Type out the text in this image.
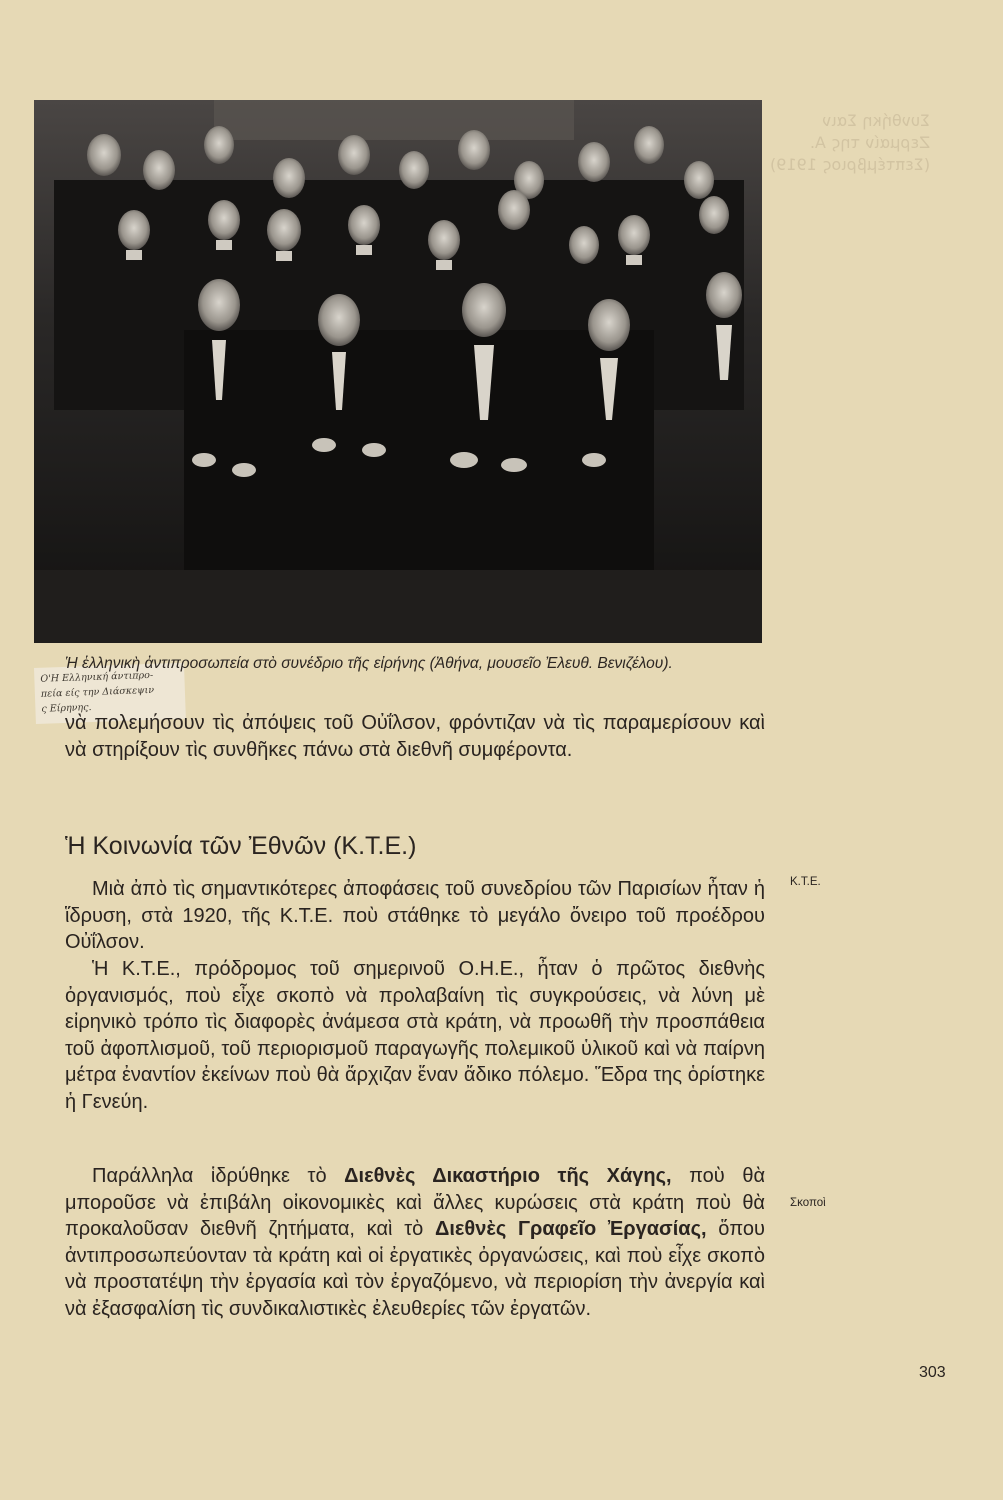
Συνθήκη Σαιν
Ζερμαίν της Α.
(Σεπτέμβριος 1919)
Ο'Η Ελληνική άντιπρο-
πεία είς την Διάσκεψιν
ς Είρηνης.
Ἡ ἑλληνικὴ ἀντιπροσωπεία στὸ συνέδριο τῆς εἰρήνης (Ἀθήνα, μουσεῖο Ἐλευθ. Βενιζέλου).
νὰ πολεμήσουν τὶς ἀπόψεις τοῦ Οὐΐλσον, φρόντιζαν νὰ τὶς παραμερίσουν καὶ νὰ στηρίξουν τὶς συνθῆκες πάνω στὰ διεθνῆ συμφέροντα.
Ἡ Κοινωνία τῶν Ἐθνῶν (Κ.Τ.Ε.)
Μιὰ ἀπὸ τὶς σημαντικότερες ἀποφάσεις τοῦ συνεδρίου τῶν Παρισίων ἦταν ἡ ἵδρυση, στὰ 1920, τῆς Κ.Τ.Ε. ποὺ στάθηκε τὸ μεγάλο ὄνειρο τοῦ προέδρου Οὐΐλσον.
Ἡ Κ.Τ.Ε., πρόδρομος τοῦ σημερινοῦ Ο.Η.Ε., ἦταν ὁ πρῶτος διεθνὴς ὀργανισμός, ποὺ εἶχε σκοπὸ νὰ προλαβαίνη τὶς συγκρούσεις, νὰ λύνη μὲ εἰρηνικὸ τρόπο τὶς διαφορὲς ἀνάμεσα στὰ κράτη, νὰ προωθῆ τὴν προσπάθεια τοῦ ἀφοπλισμοῦ, τοῦ περιορισμοῦ παραγωγῆς πολεμικοῦ ὑλικοῦ καὶ νὰ παίρνη μέτρα ἐναντίον ἐκείνων ποὺ θὰ ἄρχιζαν ἕναν ἄδικο πόλεμο. Ἕδρα της ὁρίστηκε ἡ Γενεύη.
Παράλληλα ἱδρύθηκε τὸ Διεθνὲς Δικαστήριο τῆς Χάγης, ποὺ θὰ μποροῦσε νὰ ἐπιβάλη οἰκονομικὲς καὶ ἄλλες κυρώσεις στὰ κράτη ποὺ θὰ προκαλοῦσαν διεθνῆ ζητήματα, καὶ τὸ Διεθνὲς Γραφεῖο Ἐργασίας, ὅπου ἀντιπροσωπεύονταν τὰ κράτη καὶ οἱ ἐργατικὲς ὀργανώσεις, καὶ ποὺ εἶχε σκοπὸ νὰ προστατέψη τὴν ἐργασία καὶ τὸν ἐργαζόμενο, νὰ περιορίση τὴν ἀνεργία καὶ νὰ ἐξασφαλίση τὶς συνδικαλιστικὲς ἐλευθερίες τῶν ἐργατῶν.
Κ.Τ.Ε.
Σκοποὶ
303
